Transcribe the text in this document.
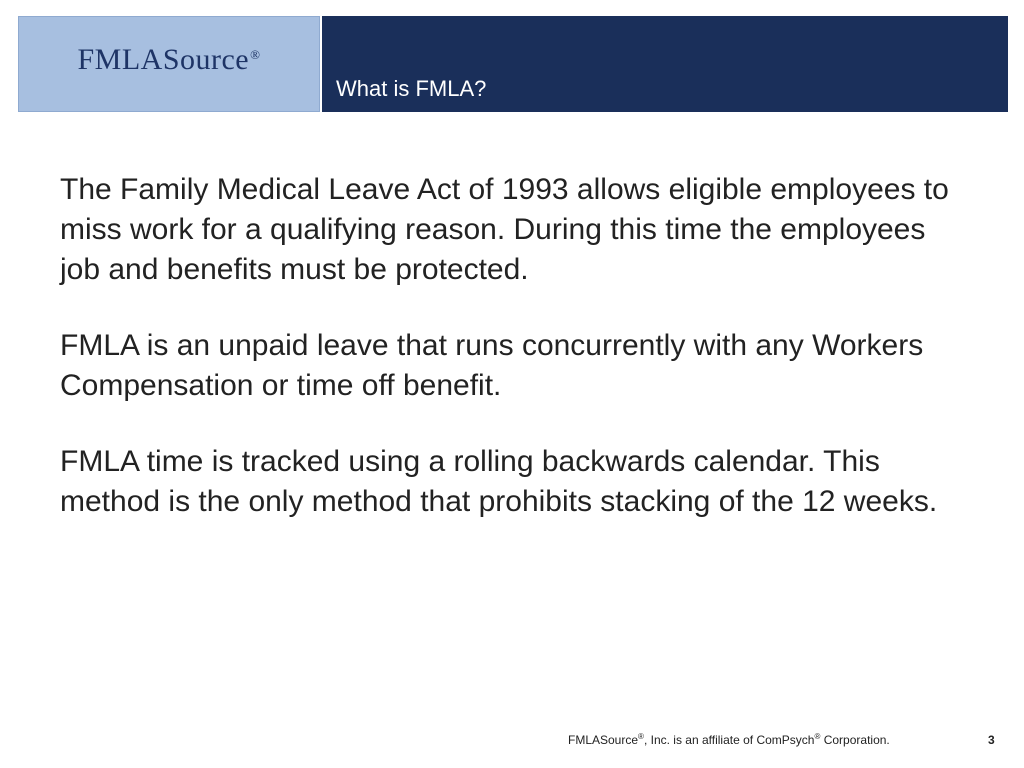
FMLASource®
What is FMLA?

The Family Medical Leave Act of 1993 allows eligible employees to miss work for a qualifying reason. During this time the employees job and benefits must be protected.

FMLA is an unpaid leave that runs concurrently with any Workers Compensation or time off benefit.

FMLA time is tracked using a rolling backwards calendar. This method is the only method that prohibits stacking of the 12 weeks.

FMLASource®, Inc. is an affiliate of ComPsych® Corporation.	3
